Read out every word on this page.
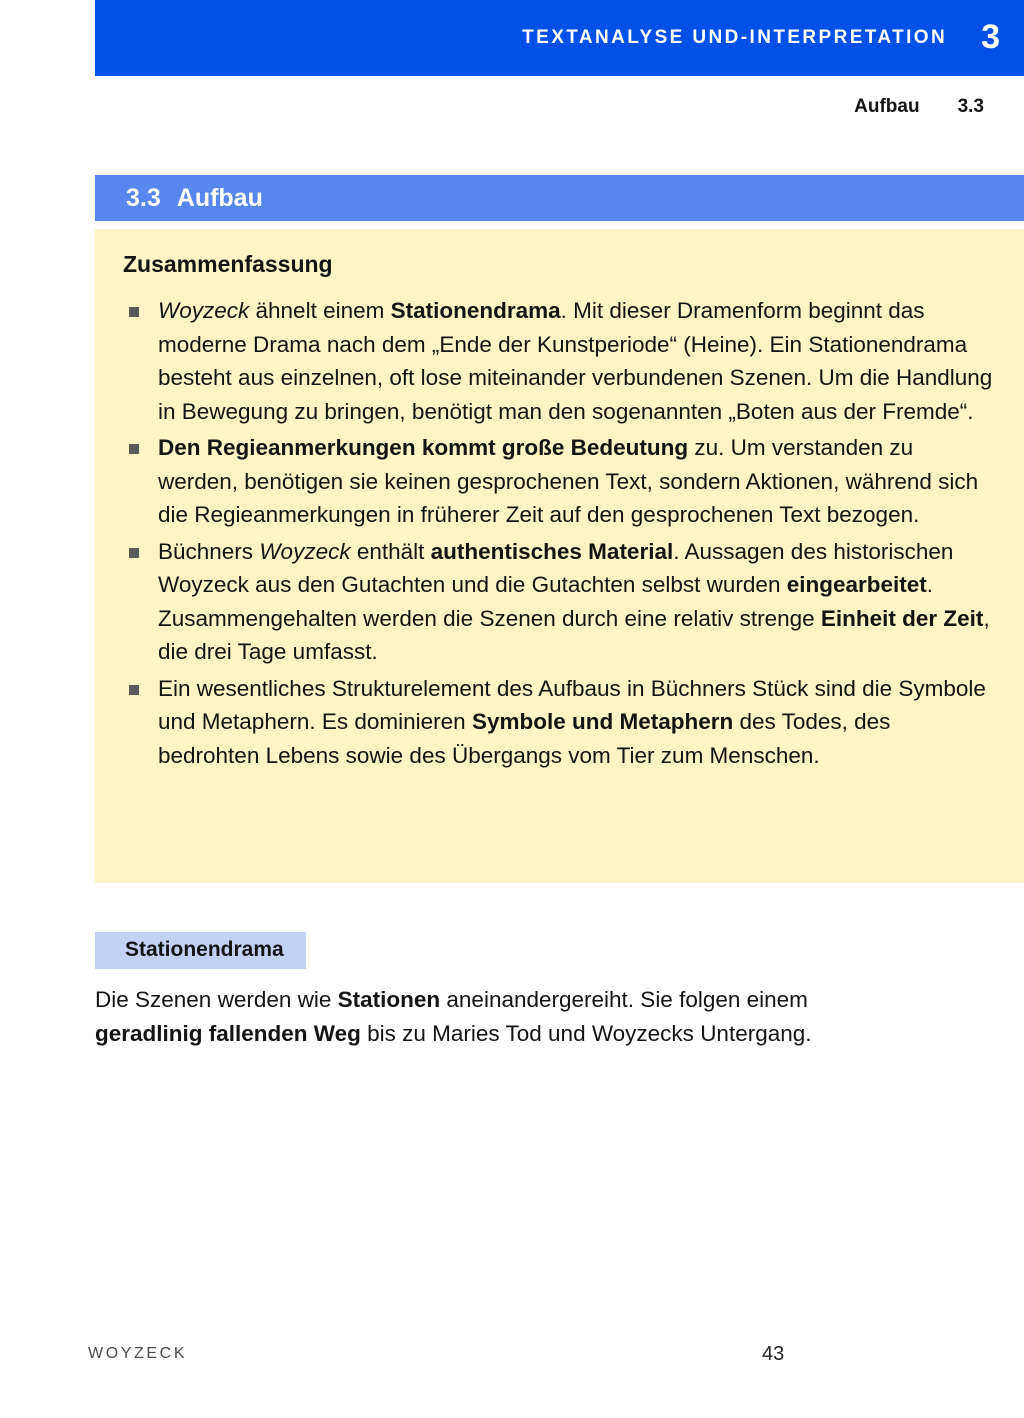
TEXTANALYSE UND-INTERPRETATION 3
Aufbau 3.3
3.3 Aufbau
Zusammenfassung
Woyzeck ähnelt einem Stationendrama. Mit dieser Dramenform beginnt das moderne Drama nach dem „Ende der Kunstperiode“ (Heine). Ein Stationendrama besteht aus einzelnen, oft lose miteinander verbundenen Szenen. Um die Handlung in Bewegung zu bringen, benötigt man den sogenannten „Boten aus der Fremde“.
Den Regieanmerkungen kommt große Bedeutung zu. Um verstanden zu werden, benötigen sie keinen gesprochenen Text, sondern Aktionen, während sich die Regieanmerkungen in früherer Zeit auf den gesprochenen Text bezogen.
Büchners Woyzeck enthält authentisches Material. Aussagen des historischen Woyzeck aus den Gutachten und die Gutachten selbst wurden eingearbeitet. Zusammengehalten werden die Szenen durch eine relativ strenge Einheit der Zeit, die drei Tage umfasst.
Ein wesentliches Strukturelement des Aufbaus in Büchners Stück sind die Symbole und Metaphern. Es dominieren Symbole und Metaphern des Todes, des bedrohten Lebens sowie des Übergangs vom Tier zum Menschen.
Stationendrama
Die Szenen werden wie Stationen aneinandergereiht. Sie folgen einem geradlinig fallenden Weg bis zu Maries Tod und Woyzecks Untergang.
WOYZECK	43
